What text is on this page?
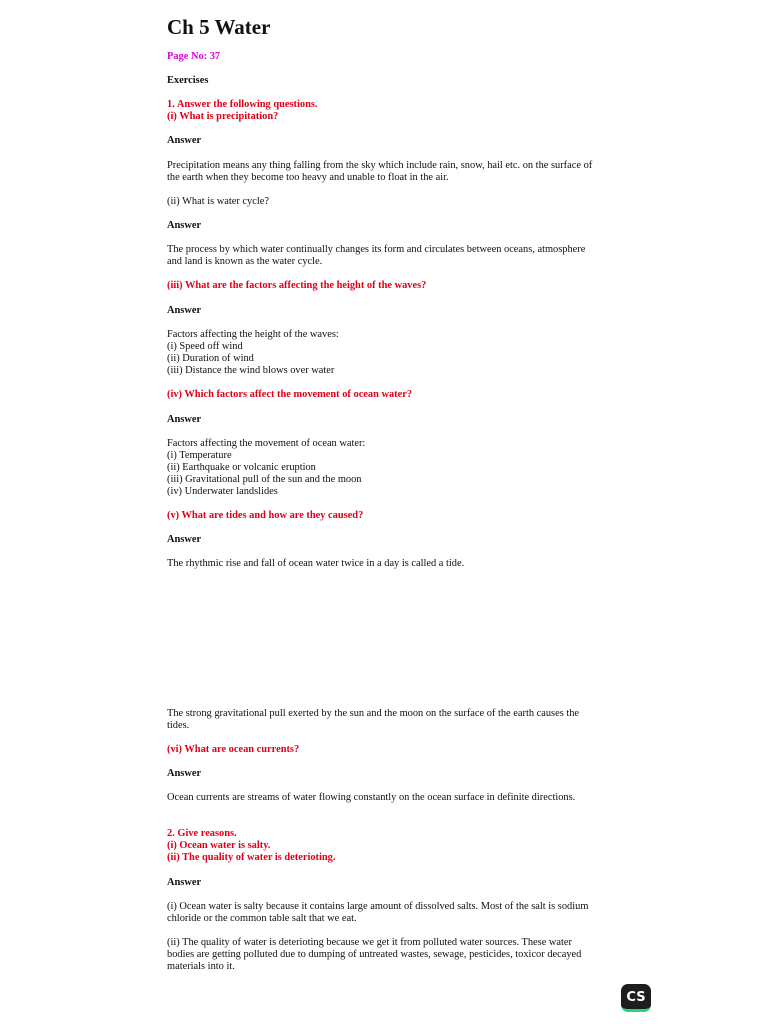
Ch 5 Water
Page No: 37
Exercises
1. Answer the following questions.
(i) What is precipitation?
Answer

Precipitation means any thing falling from the sky which include rain, snow, hail etc. on the surface of the earth when they become too heavy and unable to float in the air.

(ii) What is water cycle?
Answer

The process by which water continually changes its form and circulates between oceans, atmosphere and land is known as the water cycle.

(iii) What are the factors affecting the height of the waves?
Answer
Factors affecting the height of the waves:
(i) Speed off wind
(ii) Duration of wind
(iii) Distance the wind blows over water
(iv) Which factors affect the movement of ocean water?
Answer
Factors affecting the movement of ocean water:
(i) Temperature
(ii) Earthquake or volcanic eruption
(iii) Gravitational pull of the sun and the moon
(iv) Underwater landslides
(v) What are tides and how are they caused?
Answer
The rhythmic rise and fall of ocean water twice in a day is called a tide.

The strong gravitational pull exerted by the sun and the moon on the surface of the earth causes the tides.

(vi) What are ocean currents?
Answer

Ocean currents are streams of water flowing constantly on the ocean surface in definite directions.

2. Give reasons.
(i) Ocean water is salty.
(ii) The quality of water is deterioting.
Answer

(i) Ocean water is salty because it contains large amount of dissolved salts. Most of the salt is sodium chloride or the common table salt that we eat.

(ii) The quality of water is deterioting because we get it from polluted water sources. These water bodies are getting polluted due to dumping of untreated wastes, sewage, pesticides, toxicor decayed materials into it.

CS
